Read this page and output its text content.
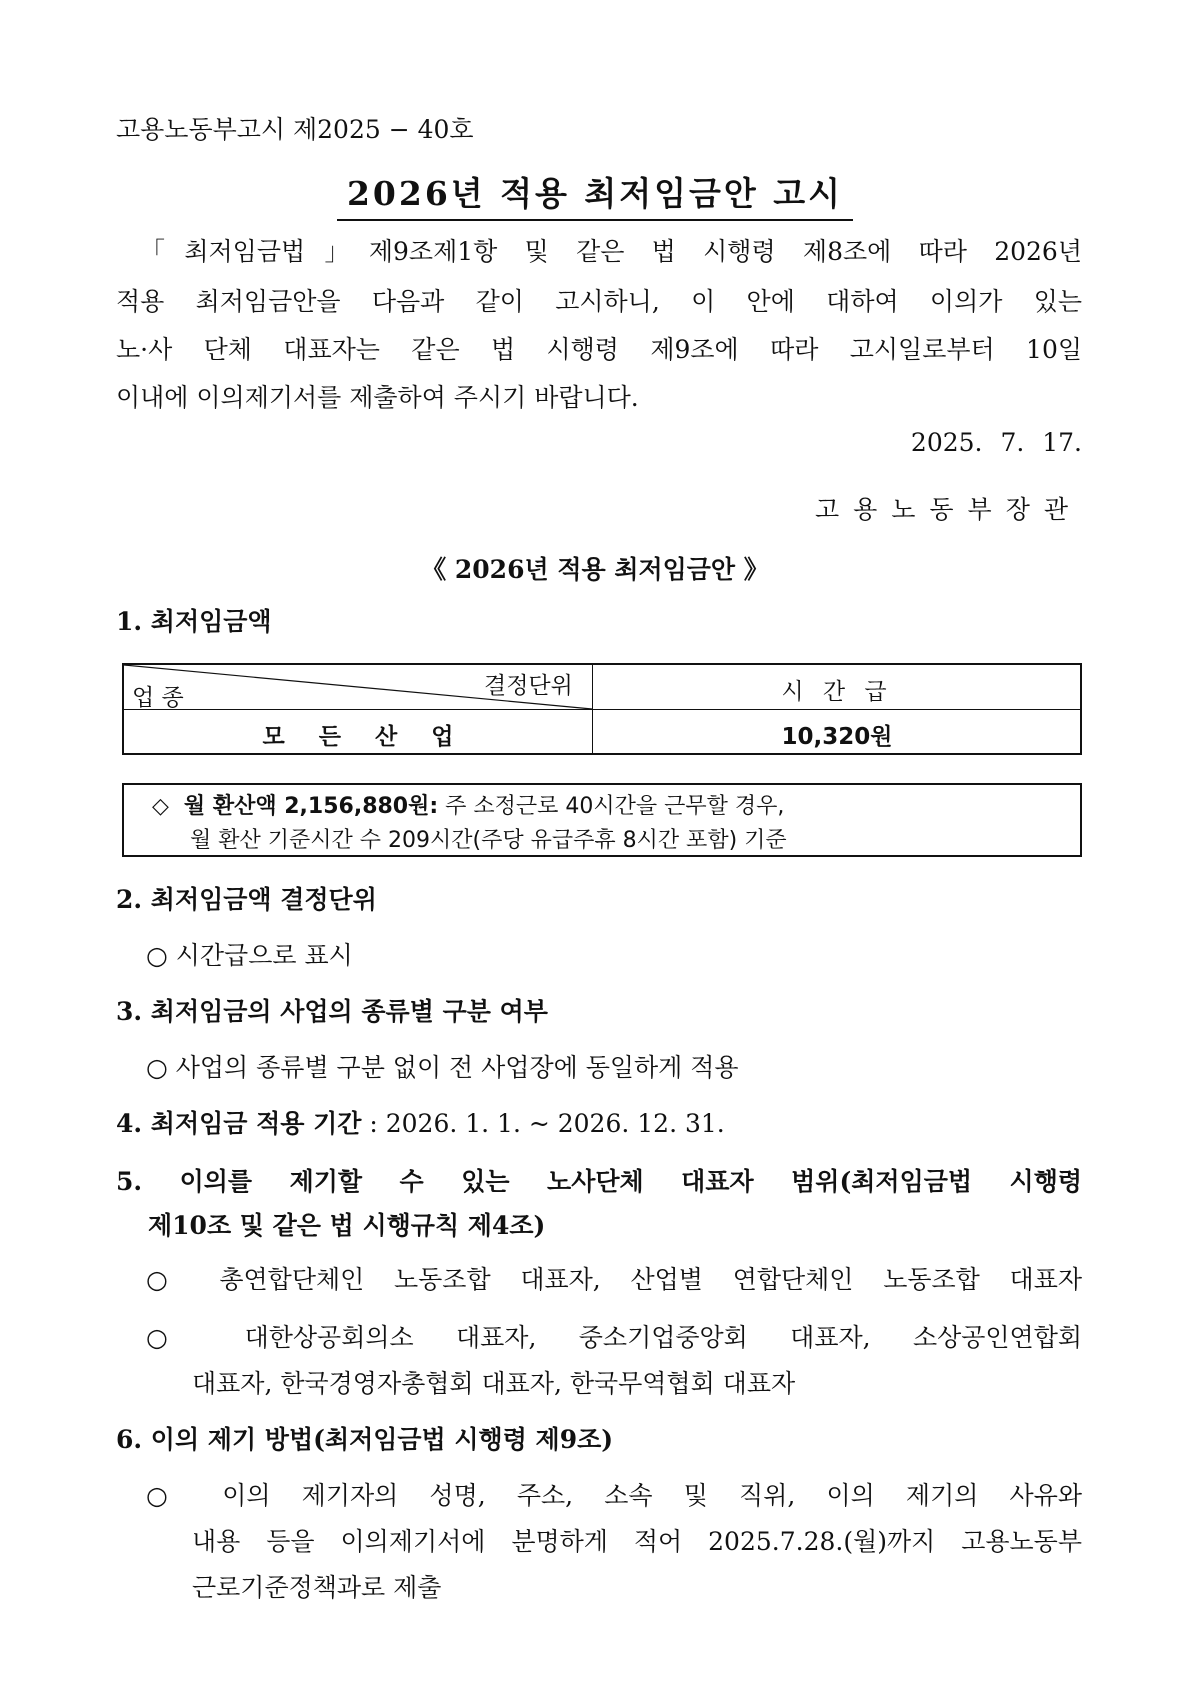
고용노동부고시 제2025 − 40호
2026년 적용 최저임금안 고시
「최저임금법」제9조제1항 및 같은 법 시행령 제8조에 따라 2026년
적용 최저임금안을 다음과 같이 고시하니, 이 안에 대하여 이의가 있는
노·사 단체 대표자는 같은 법 시행령 제9조에 따라 고시일로부터 10일
이내에 이의제기서를 제출하여 주시기 바랍니다.
2025. 7. 17.
고용노동부장관
《 2026년 적용 최저임금안 》
1. 최저임금액
결정단위
업 종	시 간 급
모 든 산 업	10,320원
◇ 월 환산액 2,156,880원: 주 소정근로 40시간을 근무할 경우,
월 환산 기준시간 수 209시간(주당 유급주휴 8시간 포함) 기준
2. 최저임금액 결정단위
○ 시간급으로 표시
3. 최저임금의 사업의 종류별 구분 여부
○ 사업의 종류별 구분 없이 전 사업장에 동일하게 적용
4. 최저임금 적용 기간 : 2026. 1. 1. ~ 2026. 12. 31.
5. 이의를 제기할 수 있는 노사단체 대표자 범위(최저임금법 시행령
제10조 및 같은 법 시행규칙 제4조)
○ 총연합단체인 노동조합 대표자, 산업별 연합단체인 노동조합 대표자
○ 대한상공회의소 대표자, 중소기업중앙회 대표자, 소상공인연합회
대표자, 한국경영자총협회 대표자, 한국무역협회 대표자
6. 이의 제기 방법(최저임금법 시행령 제9조)
○ 이의 제기자의 성명, 주소, 소속 및 직위, 이의 제기의 사유와
내용 등을 이의제기서에 분명하게 적어 2025.7.28.(월)까지 고용노동부
근로기준정책과로 제출
